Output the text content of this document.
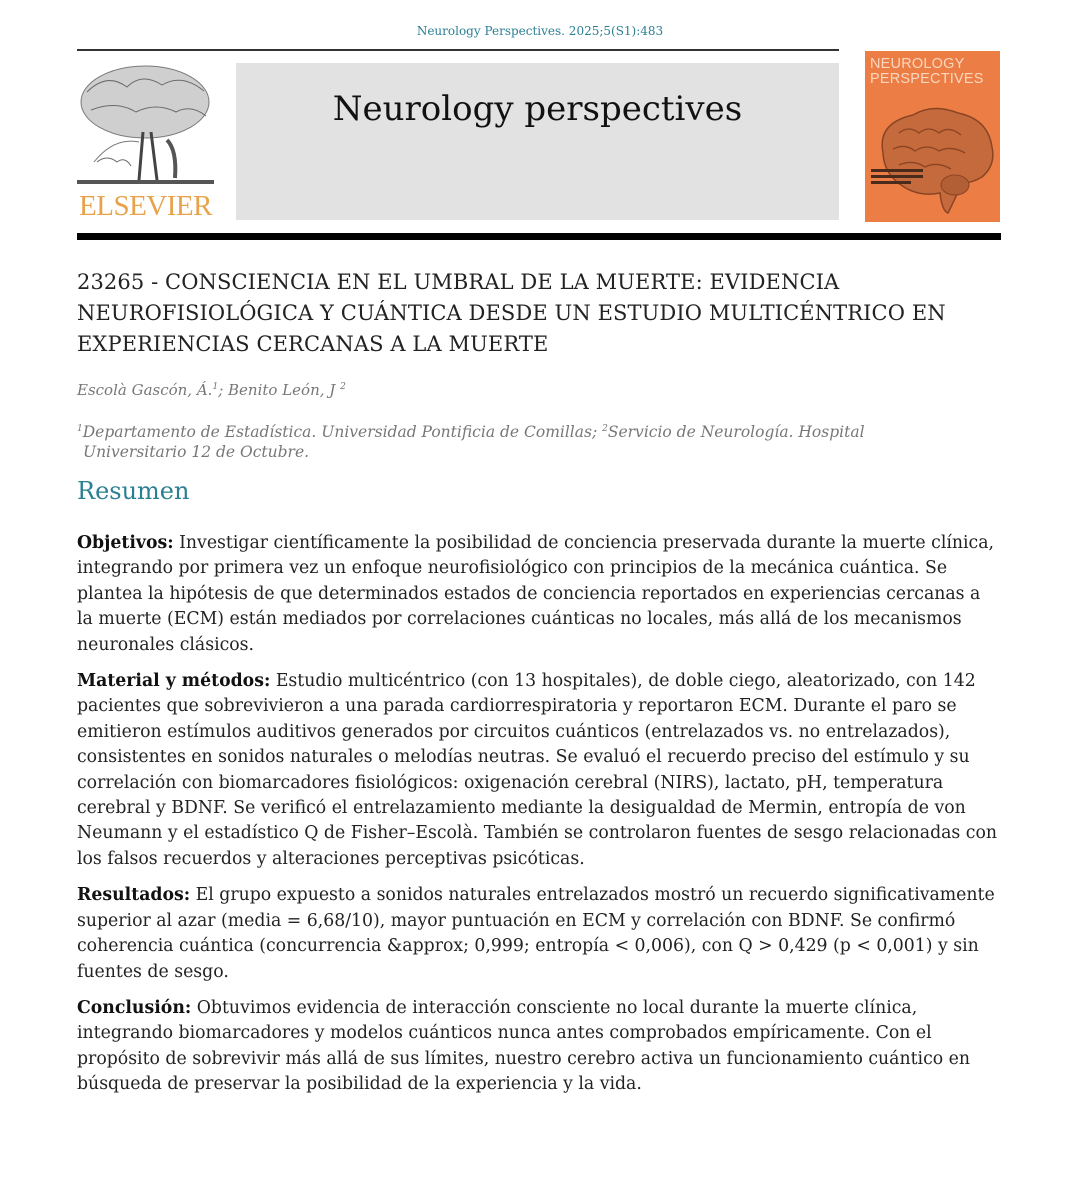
Neurology Perspectives. 2025;5(S1):483
ELSEVIER
Neurology perspectives
NEUROLOGY
PERSPECTIVES
23265 - CONSCIENCIA EN EL UMBRAL DE LA MUERTE: EVIDENCIA NEUROFISIOLÓGICA Y CUÁNTICA DESDE UN ESTUDIO MULTICÉNTRICO EN EXPERIENCIAS CERCANAS A LA MUERTE
Escolà Gascón, Á.$^1$; Benito León, J $^2$
$^1$Departamento de Estadística. Universidad Pontificia de Comillas; $^2$Servicio de Neurología. Hospital
Universitario 12 de Octubre.
Resumen

Objetivos: Investigar científicamente la posibilidad de conciencia preservada durante la muerte clínica, integrando por primera vez un enfoque neurofisiológico con principios de la mecánica cuántica. Se plantea la hipótesis de que determinados estados de conciencia reportados en experiencias cercanas a la muerte (ECM) están mediados por correlaciones cuánticas no locales, más allá de los mecanismos neuronales clásicos.

Material y métodos: Estudio multicéntrico (con 13 hospitales), de doble ciego, aleatorizado, con 142 pacientes que sobrevivieron a una parada cardiorrespiratoria y reportaron ECM. Durante el paro se emitieron estímulos auditivos generados por circuitos cuánticos (entrelazados vs. no entrelazados), consistentes en sonidos naturales o melodías neutras. Se evaluó el recuerdo preciso del estímulo y su correlación con biomarcadores fisiológicos: oxigenación cerebral (NIRS), lactato, pH, temperatura cerebral y BDNF. Se verificó el entrelazamiento mediante la desigualdad de Mermin, entropía de von Neumann y el estadístico Q de Fisher–Escolà. También se controlaron fuentes de sesgo relacionadas con los falsos recuerdos y alteraciones perceptivas psicóticas.

Resultados: El grupo expuesto a sonidos naturales entrelazados mostró un recuerdo significativamente superior al azar (media = 6,68/10), mayor puntuación en ECM y correlación con BDNF. Se confirmó coherencia cuántica (concurrencia &approx; 0,999; entropía < 0,006), con Q > 0,429 (p < 0,001) y sin fuentes de sesgo.

Conclusión: Obtuvimos evidencia de interacción consciente no local durante la muerte clínica, integrando biomarcadores y modelos cuánticos nunca antes comprobados empíricamente. Con el propósito de sobrevivir más allá de sus límites, nuestro cerebro activa un funcionamiento cuántico en búsqueda de preservar la posibilidad de la experiencia y la vida.
